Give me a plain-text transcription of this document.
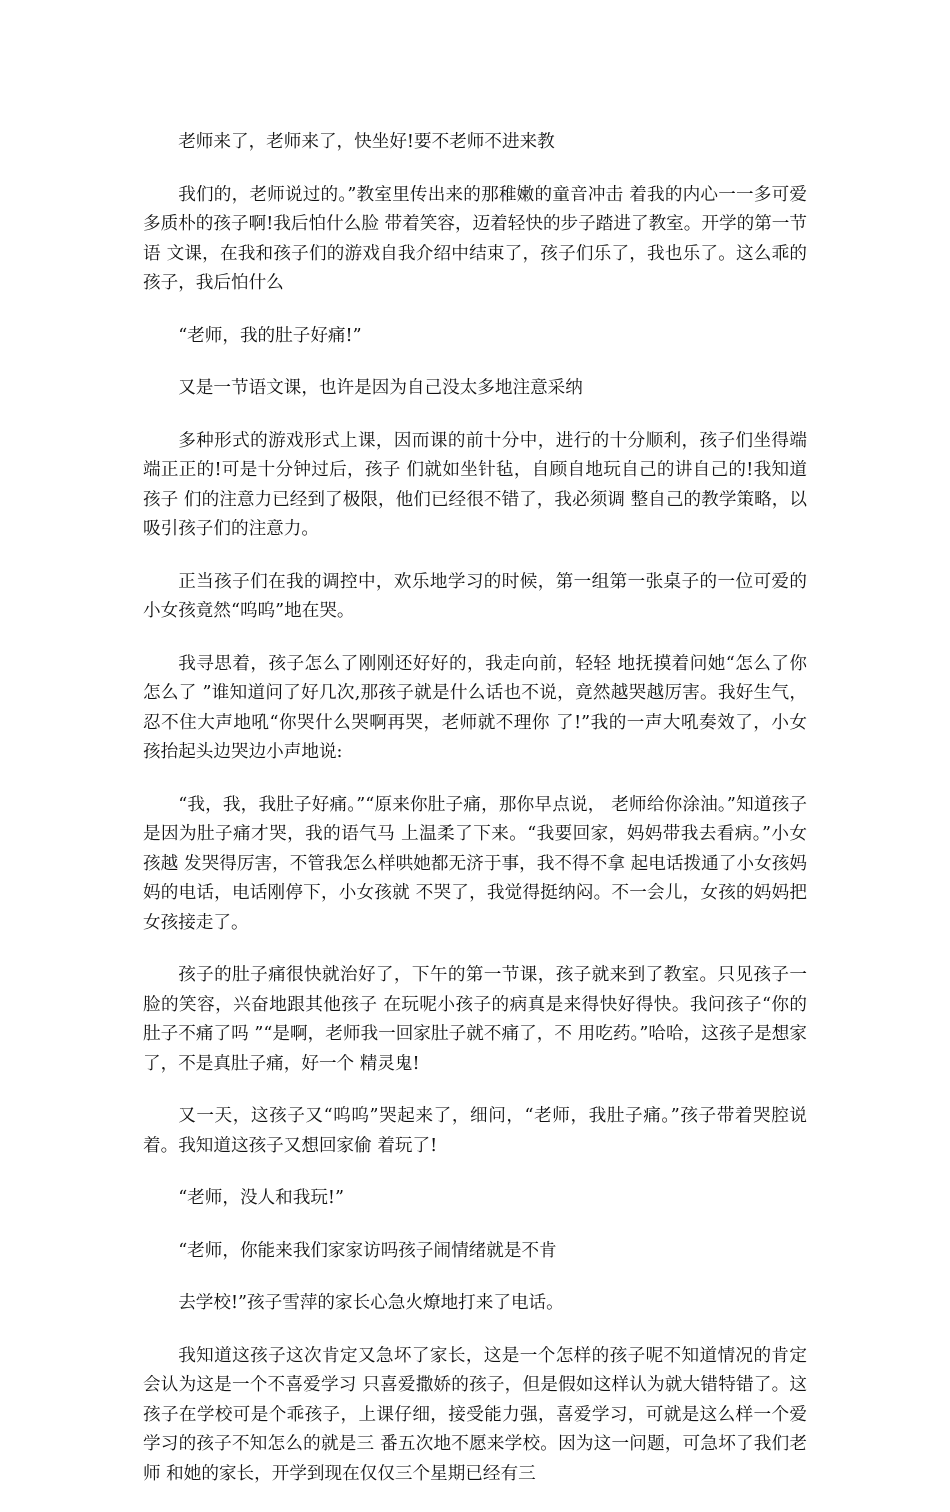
老师来了，老师来了，快坐好!要不老师不进来教

我们的，老师说过的。”教室里传出来的那稚嫩的童音冲击 着我的内心一一多可爱多质朴的孩子啊!我后怕什么脸 带着笑容，迈着轻快的步子踏进了教室。开学的第一节语 文课，在我和孩子们的游戏自我介绍中结束了，孩子们乐了，我也乐了。这么乖的孩子，我后怕什么

“老师，我的肚子好痛!”

又是一节语文课，也许是因为自己没太多地注意采纳

多种形式的游戏形式上课，因而课的前十分中，进行的十分顺利，孩子们坐得端端正正的!可是十分钟过后，孩子 们就如坐针毡，自顾自地玩自己的讲自己的!我知道孩子 们的注意力已经到了极限，他们已经很不错了，我必须调 整自己的教学策略，以吸引孩子们的注意力。

正当孩子们在我的调控中，欢乐地学习的时候，第一组第一张桌子的一位可爱的小女孩竟然“呜呜”地在哭。

我寻思着，孩子怎么了刚刚还好好的，我走向前，轻轻 地抚摸着问她“怎么了你怎么了 ”谁知道问了好几次,那孩子就是什么话也不说，竟然越哭越厉害。我好生气， 忍不住大声地吼“你哭什么哭啊再哭，老师就不理你 了!”我的一声大吼奏效了，小女孩抬起头边哭边小声地说:

“我，我，我肚子好痛。”“原来你肚子痛，那你早点说， 老师给你涂油。”知道孩子是因为肚子痛才哭，我的语气马 上温柔了下来。“我要回家，妈妈带我去看病。”小女孩越 发哭得厉害，不管我怎么样哄她都无济于事，我不得不拿 起电话拨通了小女孩妈妈的电话，电话刚停下，小女孩就 不哭了，我觉得挺纳闷。不一会儿，女孩的妈妈把女孩接走了。

孩子的肚子痛很快就治好了，下午的第一节课，孩子就来到了教室。只见孩子一脸的笑容，兴奋地跟其他孩子 在玩呢小孩子的病真是来得快好得快。我问孩子“你的 肚子不痛了吗 ”“是啊，老师我一回家肚子就不痛了，不 用吃药。”哈哈，这孩子是想家了，不是真肚子痛，好一个 精灵鬼!

又一天，这孩子又“呜呜”哭起来了，细问，“老师，我肚子痛。”孩子带着哭腔说着。我知道这孩子又想回家偷 着玩了!

“老师，没人和我玩!”

“老师，你能来我们家家访吗孩子闹情绪就是不肯

去学校!”孩子雪萍的家长心急火燎地打来了电话。

我知道这孩子这次肯定又急坏了家长，这是一个怎样的孩子呢不知道情况的肯定会认为这是一个不喜爱学习 只喜爱撒娇的孩子，但是假如这样认为就大错特错了。这 孩子在学校可是个乖孩子，上课仔细，接受能力强，喜爱学习，可就是这么样一个爱学习的孩子不知怎么的就是三 番五次地不愿来学校。因为这一问题，可急坏了我们老师 和她的家长，开学到现在仅仅三个星期已经有三
